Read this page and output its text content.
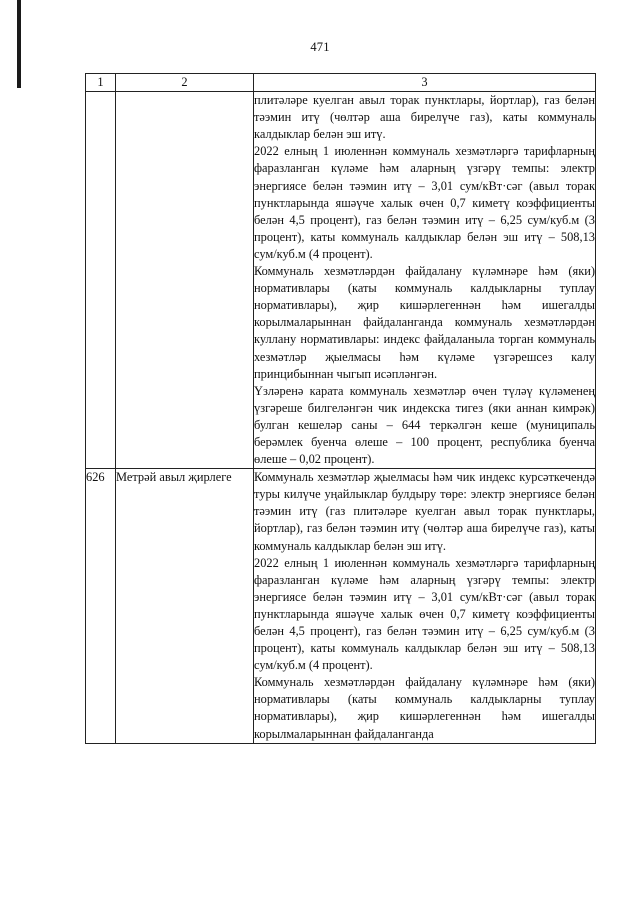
471
1	2	3

		плитәләре куелган авыл торак пунктлары, йортлар), газ белән тәэмин итү (чөлтәр аша бирелүче газ), каты коммуналь калдыклар белән эш итү.
2022 елның 1 июленнән коммуналь хезмәтләргә тарифларның фаразланган күләме һәм аларның үзгәрү темпы: электр энергиясе белән тәэмин итү – 3,01 сум/кВт·сәг (авыл торак пунктларында яшәүче халык өчен 0,7 киметү коэффициенты белән 4,5 процент), газ белән тәэмин итү – 6,25 сум/куб.м (3 процент), каты коммуналь калдыклар белән эш итү – 508,13 сум/куб.м (4 процент).
Коммуналь хезмәтләрдән файдалану күләмнәре һәм (яки) нормативлары (каты коммуналь калдыкларны туплау нормативлары), җир кишәрлегеннән һәм ишегалды корылмаларыннан файдаланганда коммуналь хезмәтләрдән куллану нормативлары: индекс файдаланыла торган коммуналь хезмәтләр җыелмасы һәм күләме үзгәрешсез калу принцибыннан чыгып исәпләнгән.
Үзләренә карата коммуналь хезмәтләр өчен түләү күләменең үзгәреше билгеләнгән чик индекска тигез (яки аннан кимрәк) булган кешеләр саны – 644 теркәлгән кеше (муниципаль берәмлек буенча өлеше – 100 процент, республика буенча өлеше – 0,02 процент).

626	Метрәй авыл җирлеге	Коммуналь хезмәтләр җыелмасы һәм чик индекс курсәткечендә туры килүче уңайлыклар булдыру төре: электр энергиясе белән тәэмин итү (газ плитәләре куелган авыл торак пунктлары, йортлар), газ белән тәэмин итү (чөлтәр аша бирелүче газ), каты коммуналь калдыклар белән эш итү.
2022 елның 1 июленнән коммуналь хезмәтләргә тарифларның фаразланган күләме һәм аларның үзгәрү темпы: электр энергиясе белән тәэмин итү – 3,01 сум/кВт·сәг (авыл торак пунктларында яшәүче халык өчен 0,7 киметү коэффициенты белән 4,5 процент), газ белән тәэмин итү – 6,25 сум/куб.м (3 процент), каты коммуналь калдыклар белән эш итү – 508,13 сум/куб.м (4 процент).
Коммуналь хезмәтләрдән файдалану күләмнәре һәм (яки) нормативлары (каты коммуналь калдыкларны туплау нормативлары), җир кишәрлегеннән һәм ишегалды корылмаларыннан файдаланганда
